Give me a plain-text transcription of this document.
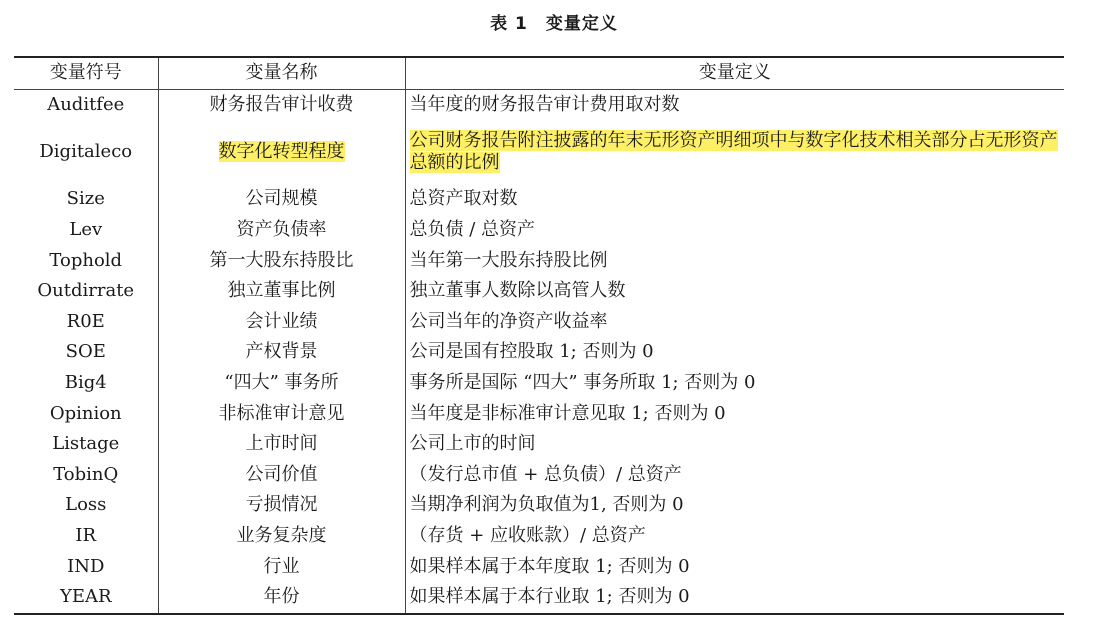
表 1 变量定义
变量符号	变量名称	变量定义
Auditfee	财务报告审计收费	当年度的财务报告审计费用取对数
Digitaleco	数字化转型程度	公司财务报告附注披露的年末无形资产明细项中与数字化技术相关部分占无形资产总额的比例
Size	公司规模	总资产取对数
Lev	资产负债率	总负债 / 总资产
Tophold	第一大股东持股比	当年第一大股东持股比例
Outdirrate	独立董事比例	独立董事人数除以高管人数
R0E	会计业绩	公司当年的净资产收益率
SOE	产权背景	公司是国有控股取 1; 否则为 0
Big4	“四大” 事务所	事务所是国际 “四大” 事务所取 1; 否则为 0
Opinion	非标准审计意见	当年度是非标准审计意见取 1; 否则为 0
Listage	上市时间	公司上市的时间
TobinQ	公司价值	（发行总市值 + 总负债）/ 总资产
Loss	亏损情况	当期净利润为负取值为1, 否则为 0
IR	业务复杂度	（存货 + 应收账款）/ 总资产
IND	行业	如果样本属于本年度取 1; 否则为 0
YEAR	年份	如果样本属于本行业取 1; 否则为 0
